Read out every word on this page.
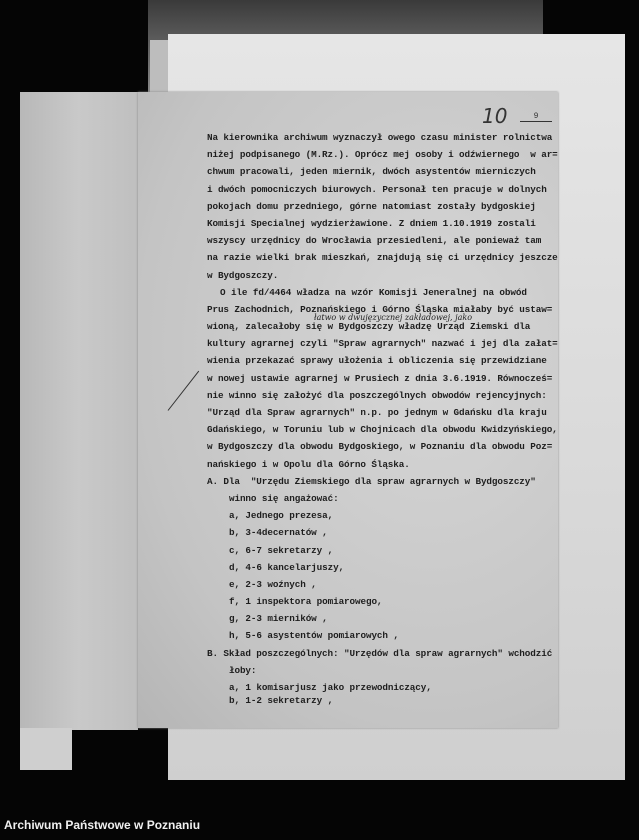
10	9
łatwo w dwujęzycznej zakładowej, jako
Na kierownika archiwum wyznaczył owego czasu minister rolnictwa
niżej podpisanego (M.Rz.). Oprócz mej osoby i odźwiernego  w ar=
chwum pracowali, jeden miernik, dwóch asystentów mierniczych
i dwóch pomocniczych biurowych. Personał ten pracuje w dolnych
pokojach domu przedniego, górne natomiast zostały bydgoskiej
Komisji Specialnej wydzierżawione. Z dniem 1.10.1919 zostali
wszyscy urzędnicy do Wrocławia przesiedleni, ale ponieważ tam
na razie wielki brak mieszkań, znajdują się ci urzędnicy jeszcze
w Bydgoszczy.
O ile fd/4464 władza na wzór Komisji Jeneralnej na obwód
Prus Zachodnich, Poznańskiego i Górno Śląska miałaby być ustaw=
wioną, zalecałoby się w Bydgoszczy władzę Urząd Ziemski dla
kultury agrarnej czyli "Spraw agrarnych" nazwać i jej dla załat=
wienia przekazać sprawy ułożenia i obliczenia się przewidziane
w nowej ustawie agrarnej w Prusiech z dnia 3.6.1919. Równocześ=
nie winno się założyć dla poszczególnych obwodów rejencyjnych:
"Urząd dla Spraw agrarnych" n.p. po jednym w Gdańsku dla kraju
Gdańskiego, w Toruniu lub w Chojnicach dla obwodu Kwidzyńskiego,
w Bydgoszczy dla obwodu Bydgoskiego, w Poznaniu dla obwodu Poz=
nańskiego i w Opolu dla Górno Śląska.
A. Dla  "Urzędu Ziemskiego dla spraw agrarnych w Bydgoszczy"
winno się angażować:
a, Jednego prezesa,
b, 3-4decernatów ,
c, 6-7 sekretarzy ,
d, 4-6 kancelarjuszy,
e, 2-3 woźnych ,
f, 1 inspektora pomiarowego,
g, 2-3 mierników ,
h, 5-6 asystentów pomiarowych ,
B. Skład poszczególnych: "Urzędów dla spraw agrarnych" wchodzić
łoby:
a, 1 komisarjusz jako przewodniczący,
b, 1-2 sekretarzy ,
Archiwum Państwowe w Poznaniu
